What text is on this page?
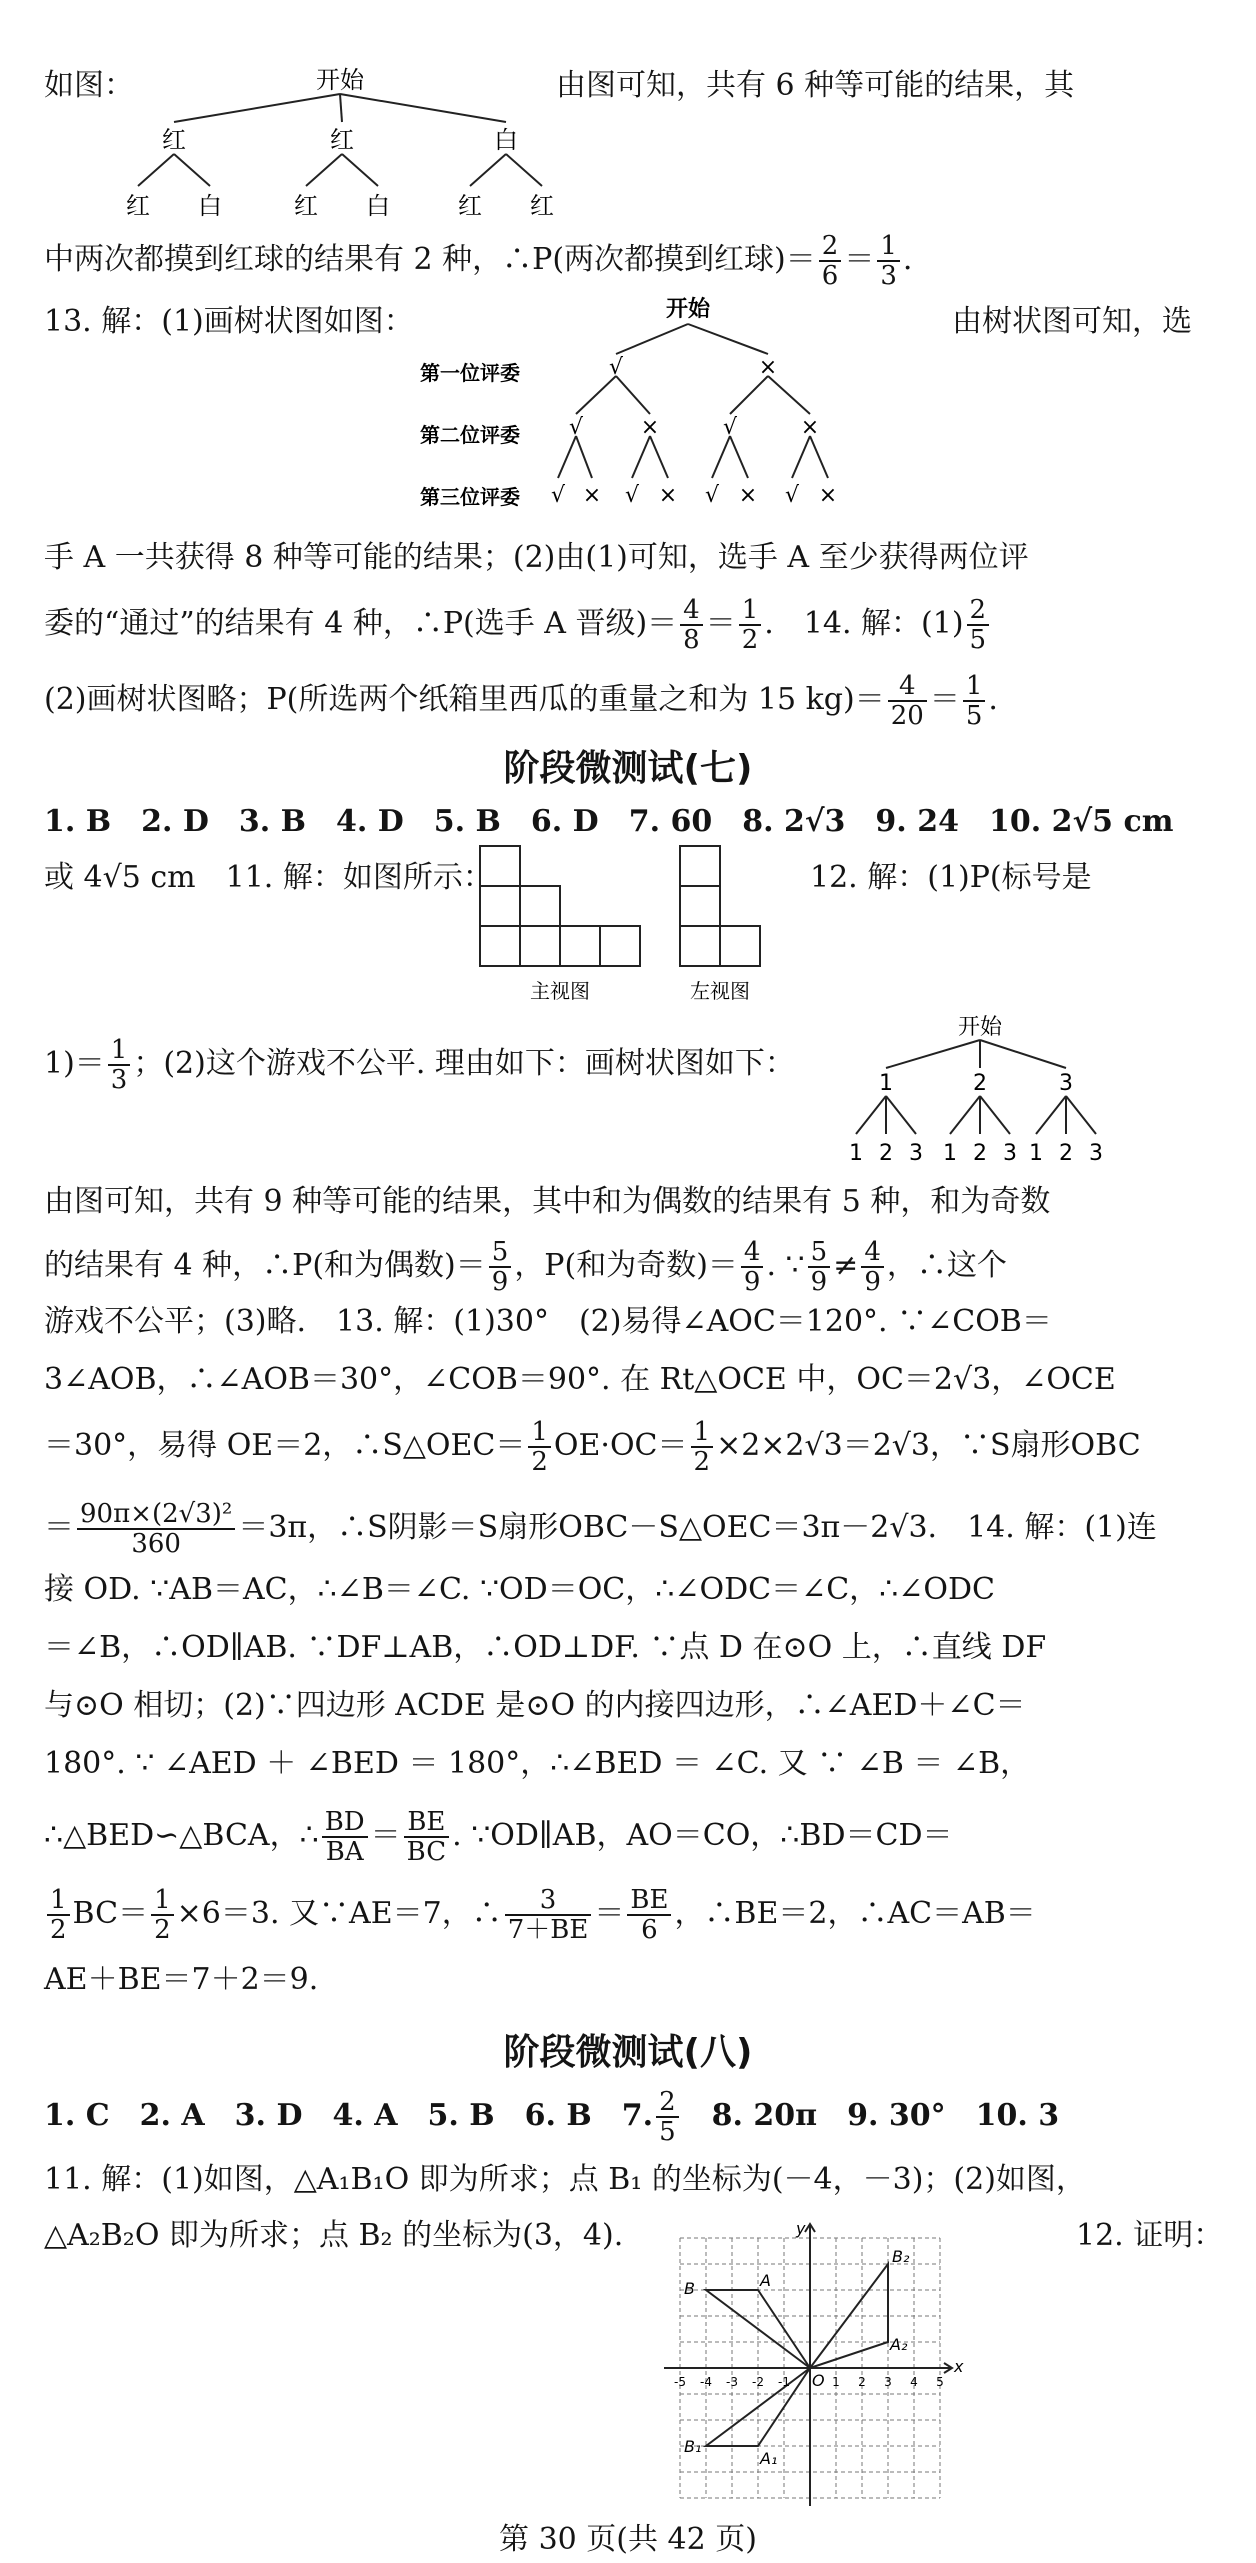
如图：	由图可知，共有 6 种等可能的结果，其
开始
红	红	白
红 白	红 白	红 红
中两次都摸到红球的结果有 2 种，∴P(两次都摸到红球)＝ $\frac{2}{6} = \frac{1}{3}$ .
13. 解：(1)画树状图如图：	由树状图可知，选
开始
第一位评委
第二位评委
第三位评委
√	×
√	×	√	×
√ × √ × √ × √ ×
手 A 一共获得 8 种等可能的结果；(2)由(1)可知，选手 A 至少获得两位评
委的“通过”的结果有 4 种，∴P(选手 A 晋级)＝ $\frac{4}{8} = \frac{1}{2}$ .　14. 解：$(1) \frac{2}{5}$
(2)画树状图略；P(所选两个纸箱里西瓜的重量之和为 15 $kg)= \frac{4}{20} = \frac{1}{5}$ .
阶段微测试(七)
1. B　2. D　3. B　4. D　5. B　6. D　7. 60　8. 2√3　9. 24　10. 2√5 cm
或 4√5 cm　11. 解：如图所示：	12. 解：(1)P(标号是
主视图	左视图
$1)= \frac{1}{3}$ ；(2)这个游戏不公平. 理由如下：画树状图如下：
开始
1	2	3
1 2 3 1 2 3 1 2 3
由图可知，共有 9 种等可能的结果，其中和为偶数的结果有 5 种，和为奇数
的结果有 4 种，∴P(和为偶数)＝ $\frac{5}{9}$ ，P(和为奇数)＝ $\frac{4}{9}$ . ∵ $\frac{5}{9} \ne \frac{4}{9}$ ，∴这个
游戏不公平；(3)略.　13. 解：(1)30°　(2)易得∠AOC＝120°. ∵∠COB＝
3∠AOB，∴∠AOB＝30°，∠COB＝90°. 在 Rt△OCE 中，OC＝2√3，∠OCE
＝30°，易得 OE＝2，∴S△OEC＝ $\frac{1}{2} OE\cdot OC= \frac{1}{2} \times 2\times 2√3=2√3$，∵S扇形OBC
＝ $\frac{\text{90π×(2√3)²}}{360} =3\pi$，∴S阴影＝S扇形OBC－S△OEC＝3π－2√3.　14. 解：(1)连
接 OD. ∵AB＝AC，∴∠B＝∠C. ∵OD＝OC，∴∠ODC＝∠C，∴∠ODC
＝∠B，∴OD∥AB. ∵DF⊥AB，∴OD⊥DF. ∵点 D 在⊙O 上，∴直线 DF
与⊙O 相切；(2)∵四边形 ACDE 是⊙O 的内接四边形，∴∠AED＋∠C＝
180°. ∵ ∠AED ＋ ∠BED ＝ 180°，∴∠BED ＝ ∠C. 又 ∵ ∠B ＝ ∠B，
∴△BED∽△BCA，∴ $\frac{BD}{BA} = \frac{BE}{BC}$ . ∵OD∥AB，AO＝CO，∴BD＝CD＝
$\frac{1}{2} BC= \frac{1}{2} \times 6=3$. 又∵AE＝7，∴ $\frac{3}{7+BE} = \frac{BE}{6}$ ，∴BE＝2，∴AC＝AB＝
AE＋BE＝7＋2＝9.
阶段微测试(八)
1. C　2. A　3. D　4. A　5. B　6. B　7. $\frac{2}{5}$ 　8. 20π　9. 30°　10. 3
11. 解：(1)如图，△A₁B₁O 即为所求；点 B₁ 的坐标为(－4，－3)；(2)如图，
△A₂B₂O 即为所求；点 B₂ 的坐标为(3，4).	12. 证明：
x
y
O
-5 -4 -3 -2 -1	1 2 3 4 5
B	A
B₁
A₁
A₂
B₂
第 30 页(共 42 页)
